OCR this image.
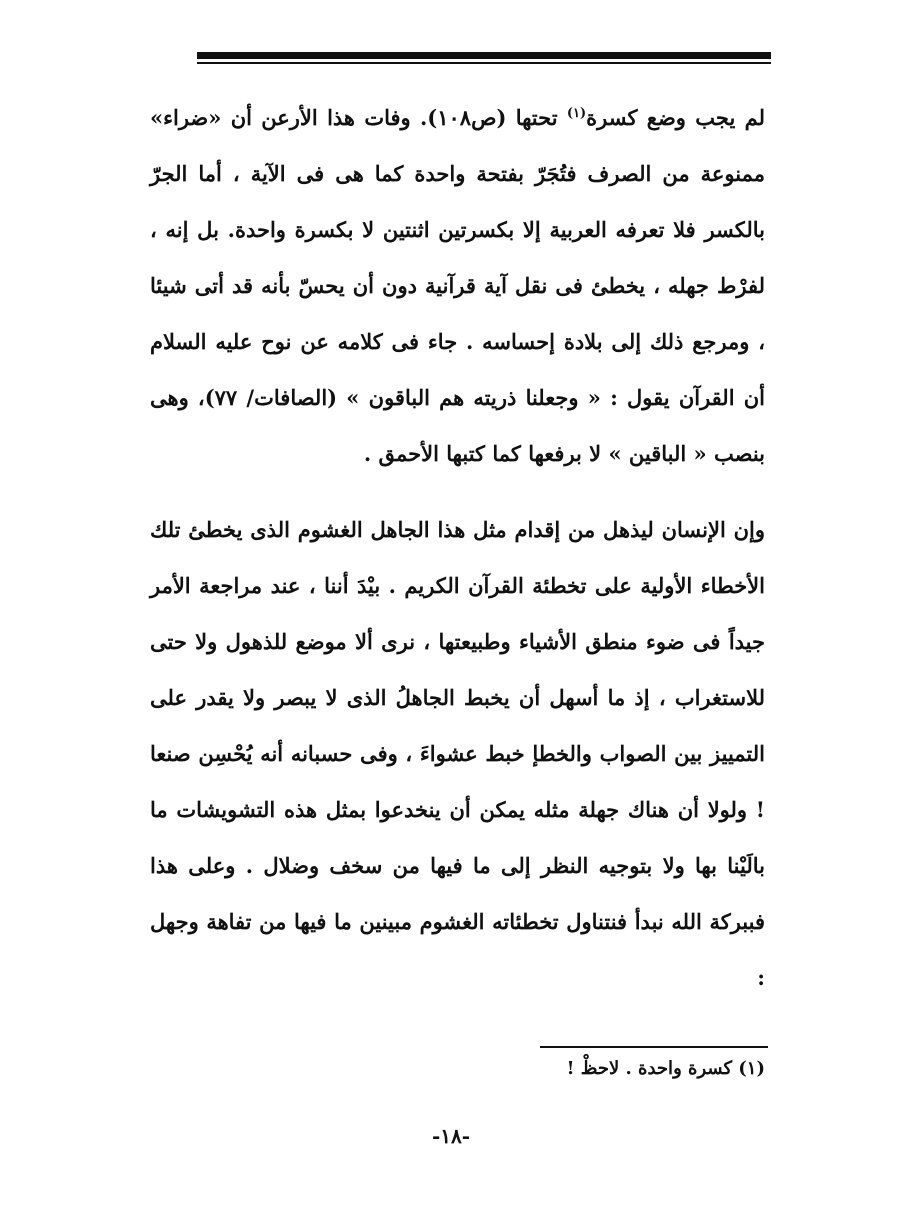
لم يجب وضع كسرة$^{(١)}$ تحتها (ص١٠٨). وفات هذا الأرعن أن «ضراء» ممنوعة من الصرف فتُجَرّ بفتحة واحدة كما هى فى الآية ، أما الجرّ بالكسر فلا تعرفه العربية إلا بكسرتين اثنتين لا بكسرة واحدة. بل إنه ، لفرْط جهله ، يخطئ فى نقل آية قرآنية دون أن يحسّ بأنه قد أتى شيئا ، ومرجع ذلك إلى بلادة إحساسه . جاء فى كلامه عن نوح عليه السلام أن القرآن يقول : « وجعلنا ذريته هم الباقون » (الصافات/ ٧٧)، وهى بنصب « الباقين » لا برفعها كما كتبها الأحمق .

وإن الإنسان ليذهل من إقدام مثل هذا الجاهل الغشوم الذى يخطئ تلك الأخطاء الأولية على تخطئة القرآن الكريم . بيْدَ أننا ، عند مراجعة الأمر جيداً فى ضوء منطق الأشياء وطبيعتها ، نرى ألا موضع للذهول ولا حتى للاستغراب ، إذ ما أسهل أن يخبط الجاهلُ الذى لا يبصر ولا يقدر على التمييز بين الصواب والخطإ خبط عشواءَ ، وفى حسبانه أنه يُحْسِن صنعا ! ولولا أن هناك جهلة مثله يمكن أن ينخدعوا بمثل هذه التشويشات ما بالَيْنا بها ولا بتوجيه النظر إلى ما فيها من سخف وضلال . وعلى هذا فببركة الله نبدأ فنتناول تخطئاته الغشوم مبينين ما فيها من تفاهة وجهل :

(١) كسرة واحدة . لاحظْ !
-١٨-
